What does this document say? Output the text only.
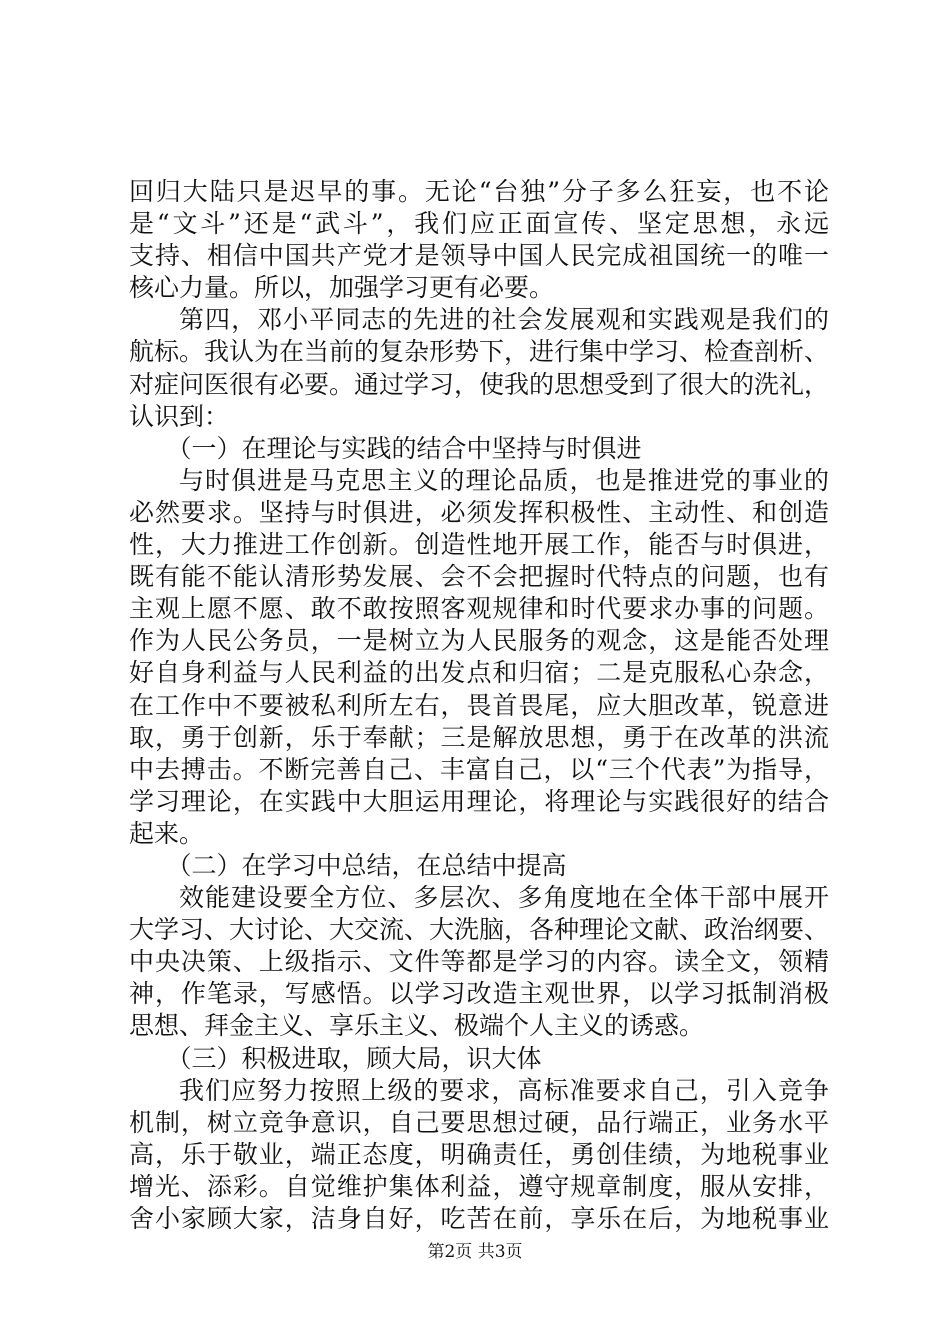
回归大陆只是迟早的事。无论“台独”分子多么狂妄，也不论
是“文斗”还是“武斗”，我们应正面宣传、坚定思想，永远
支持、相信中国共产党才是领导中国人民完成祖国统一的唯一
核心力量。所以，加强学习更有必要。
第四，邓小平同志的先进的社会发展观和实践观是我们的
航标。我认为在当前的复杂形势下，进行集中学习、检查剖析、
对症问医很有必要。通过学习，使我的思想受到了很大的洗礼，
认识到：
（一）在理论与实践的结合中坚持与时俱进
与时俱进是马克思主义的理论品质，也是推进党的事业的
必然要求。坚持与时俱进，必须发挥积极性、主动性、和创造
性，大力推进工作创新。创造性地开展工作，能否与时俱进，
既有能不能认清形势发展、会不会把握时代特点的问题，也有
主观上愿不愿、敢不敢按照客观规律和时代要求办事的问题。
作为人民公务员，一是树立为人民服务的观念，这是能否处理
好自身利益与人民利益的出发点和归宿；二是克服私心杂念，
在工作中不要被私利所左右，畏首畏尾，应大胆改革，锐意进
取，勇于创新，乐于奉献；三是解放思想，勇于在改革的洪流
中去搏击。不断完善自己、丰富自己，以“三个代表”为指导，
学习理论，在实践中大胆运用理论，将理论与实践很好的结合
起来。
（二）在学习中总结，在总结中提高
效能建设要全方位、多层次、多角度地在全体干部中展开
大学习、大讨论、大交流、大洗脑，各种理论文献、政治纲要、
中央决策、上级指示、文件等都是学习的内容。读全文，领精
神，作笔录，写感悟。以学习改造主观世界，以学习抵制消极
思想、拜金主义、享乐主义、极端个人主义的诱惑。
（三）积极进取，顾大局，识大体
我们应努力按照上级的要求，高标准要求自己，引入竞争
机制，树立竞争意识，自己要思想过硬，品行端正，业务水平
高，乐于敬业，端正态度，明确责任，勇创佳绩，为地税事业
增光、添彩。自觉维护集体利益，遵守规章制度，服从安排，
舍小家顾大家，洁身自好，吃苦在前，享乐在后，为地税事业
第2页 共3页
